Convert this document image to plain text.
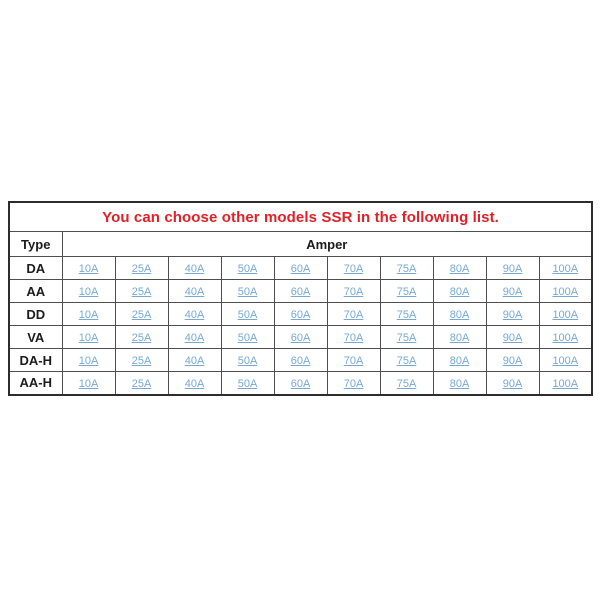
You can choose other models SSR in the following list.										
Type	Amper									
DA	10A	25A	40A	50A	60A	70A	75A	80A	90A	100A
AA	10A	25A	40A	50A	60A	70A	75A	80A	90A	100A
DD	10A	25A	40A	50A	60A	70A	75A	80A	90A	100A
VA	10A	25A	40A	50A	60A	70A	75A	80A	90A	100A
DA-H	10A	25A	40A	50A	60A	70A	75A	80A	90A	100A
AA-H	10A	25A	40A	50A	60A	70A	75A	80A	90A	100A
